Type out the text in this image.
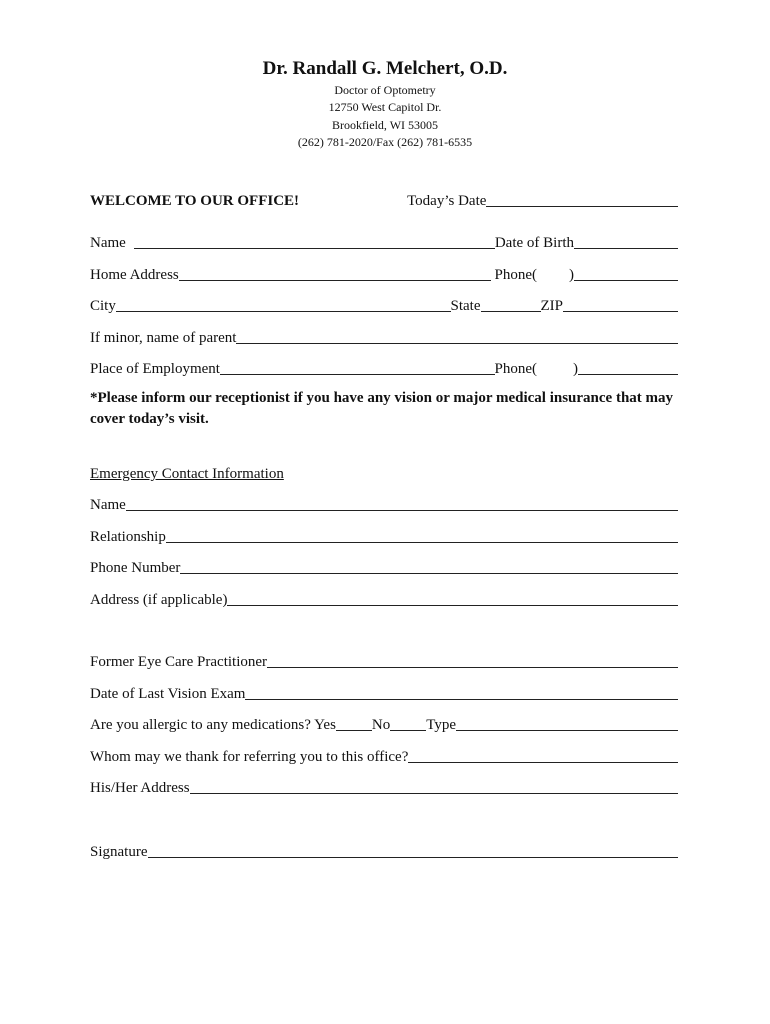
Dr. Randall G. Melchert, O.D.
Doctor of Optometry
12750 West Capitol Dr.
Brookfield, WI 53005
(262) 781-2020/Fax (262) 781-6535
WELCOME TO OUR OFFICE!	Today’s Date
Name	Date of Birth
Home Address	Phone( )
City	State	ZIP
If minor, name of parent
Place of Employment	Phone( )
*Please inform our receptionist if you have any vision or major medical insurance that may cover today’s visit.
Emergency Contact Information
Name
Relationship
Phone Number
Address (if applicable)
Former Eye Care Practitioner
Date of Last Vision Exam
Are you allergic to any medications? Yes No Type
Whom may we thank for referring you to this office?
His/Her Address
Signature
